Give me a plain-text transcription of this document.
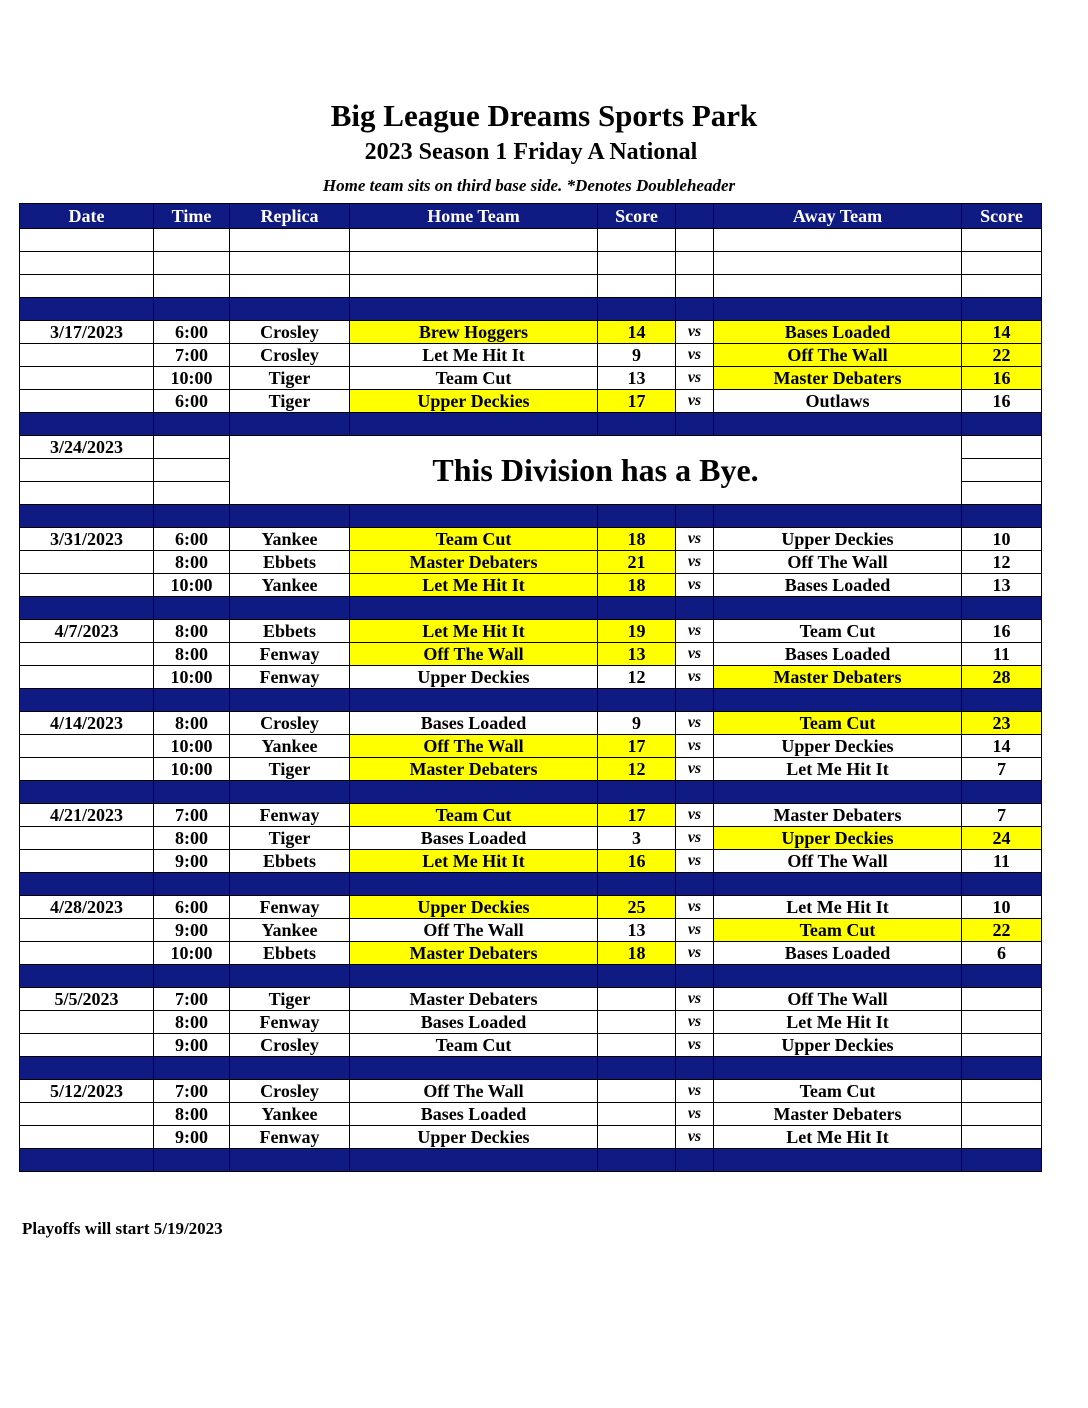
Big League Dreams Sports Park
2023 Season 1 Friday A National
Home team sits on third base side. *Denotes Doubleheader
Date	Time	Replica	Home Team	Score		Away Team	Score

3/17/2023	6:00	Crosley	Brew Hoggers	14	vs	Bases Loaded	14
	7:00	Crosley	Let Me Hit It	9	vs	Off The Wall	22
	10:00	Tiger	Team Cut	13	vs	Master Debaters	16
	6:00	Tiger	Upper Deckies	17	vs	Outlaws	16

3/24/2023		This Division has a Bye.					

3/31/2023	6:00	Yankee	Team Cut	18	vs	Upper Deckies	10
	8:00	Ebbets	Master Debaters	21	vs	Off The Wall	12
	10:00	Yankee	Let Me Hit It	18	vs	Bases Loaded	13

4/7/2023	8:00	Ebbets	Let Me Hit It	19	vs	Team Cut	16
	8:00	Fenway	Off The Wall	13	vs	Bases Loaded	11
	10:00	Fenway	Upper Deckies	12	vs	Master Debaters	28

4/14/2023	8:00	Crosley	Bases Loaded	9	vs	Team Cut	23
	10:00	Yankee	Off The Wall	17	vs	Upper Deckies	14
	10:00	Tiger	Master Debaters	12	vs	Let Me Hit It	7

4/21/2023	7:00	Fenway	Team Cut	17	vs	Master Debaters	7
	8:00	Tiger	Bases Loaded	3	vs	Upper Deckies	24
	9:00	Ebbets	Let Me Hit It	16	vs	Off The Wall	11

4/28/2023	6:00	Fenway	Upper Deckies	25	vs	Let Me Hit It	10
	9:00	Yankee	Off The Wall	13	vs	Team Cut	22
	10:00	Ebbets	Master Debaters	18	vs	Bases Loaded	6

5/5/2023	7:00	Tiger	Master Debaters		vs	Off The Wall	
	8:00	Fenway	Bases Loaded		vs	Let Me Hit It	
	9:00	Crosley	Team Cut		vs	Upper Deckies	

5/12/2023	7:00	Crosley	Off The Wall		vs	Team Cut	
	8:00	Yankee	Bases Loaded		vs	Master Debaters	
	9:00	Fenway	Upper Deckies		vs	Let Me Hit It	

Playoffs will start 5/19/2023
